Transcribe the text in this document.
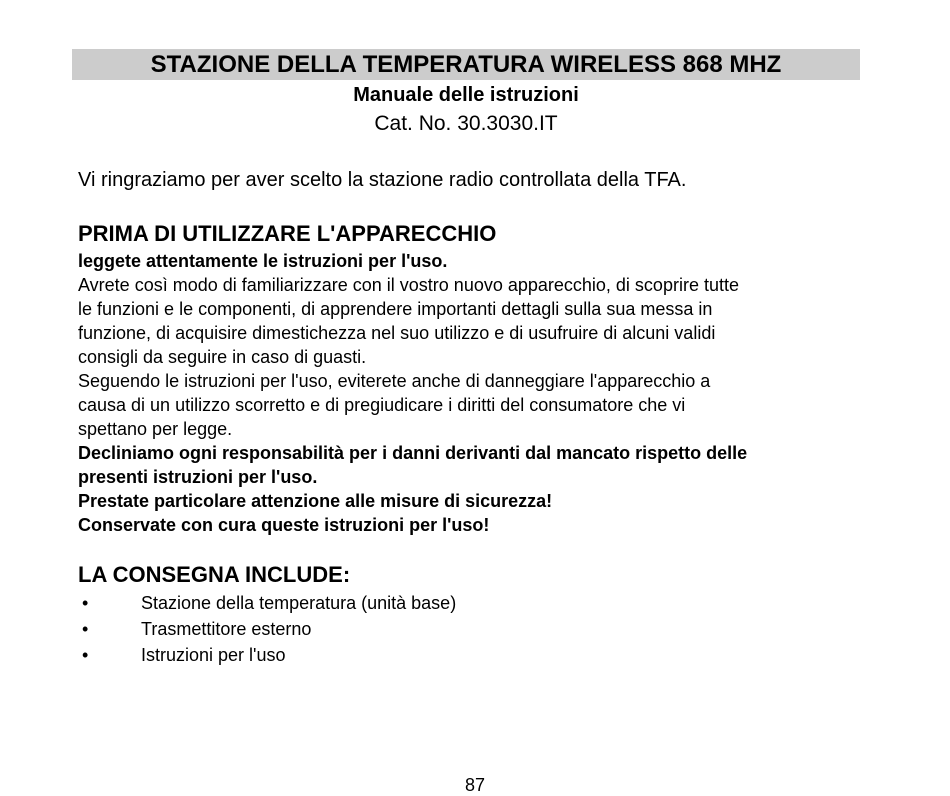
STAZIONE DELLA TEMPERATURA WIRELESS 868 MHZ
Manuale delle istruzioni
Cat. No. 30.3030.IT
Vi ringraziamo per aver scelto la stazione radio controllata della TFA.
PRIMA DI UTILIZZARE L'APPARECCHIO
leggete attentamente le istruzioni per l'uso.
Avrete così modo di familiarizzare con il vostro nuovo apparecchio, di scoprire tutte
le funzioni e le componenti, di apprendere importanti dettagli sulla sua messa in
funzione, di acquisire dimestichezza nel suo utilizzo e di usufruire di alcuni validi
consigli da seguire in caso di guasti.
Seguendo le istruzioni per l'uso, eviterete anche di danneggiare l'apparecchio a
causa di un utilizzo scorretto e di pregiudicare i diritti del consumatore che vi
spettano per legge.
Decliniamo ogni responsabilità per i danni derivanti dal mancato rispetto delle
presenti istruzioni per l'uso.
Prestate particolare attenzione alle misure di sicurezza!
Conservate con cura queste istruzioni per l'uso!
LA CONSEGNA INCLUDE:
•	Stazione della temperatura (unità base)
•	Trasmettitore esterno
•	Istruzioni per l'uso
87
